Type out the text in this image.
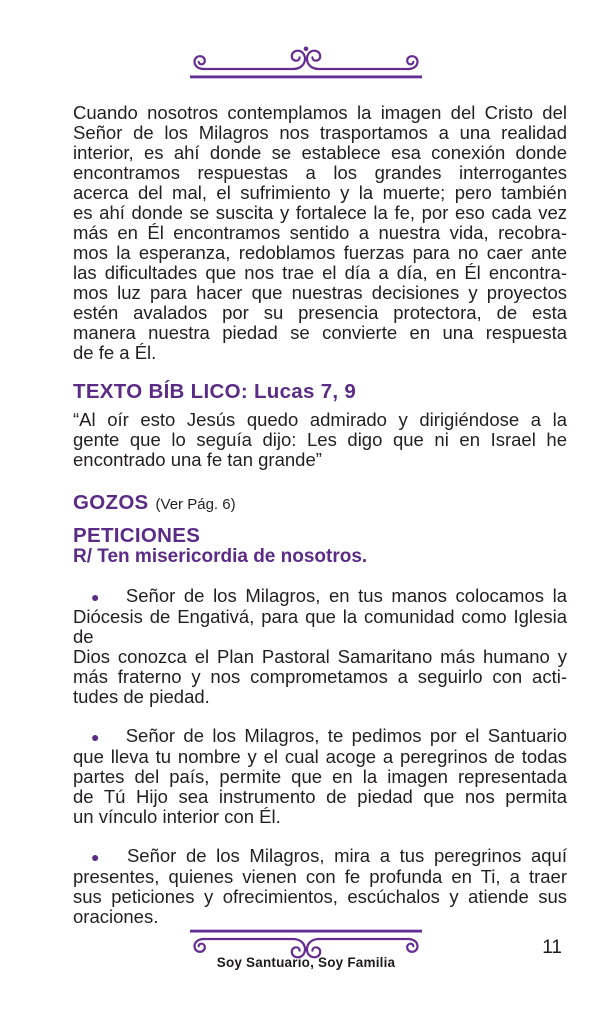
Cuando nosotros contemplamos la imagen del Cristo del
Señor de los Milagros nos trasportamos a una realidad
interior, es ahí donde se establece esa conexión donde
encontramos respuestas a los grandes interrogantes
acerca del mal, el sufrimiento y la muerte; pero también
es ahí donde se suscita y fortalece la fe, por eso cada vez
más en Él encontramos sentido a nuestra vida, recobra-
mos la esperanza, redoblamos fuerzas para no caer ante
las dificultades que nos trae el día a día, en Él encontra-
mos luz para hacer que nuestras decisiones y proyectos
estén avalados por su presencia protectora, de esta
manera nuestra piedad se convierte en una respuesta
de fe a Él.
TEXTO BÍB LICO: Lucas 7, 9
“Al oír esto Jesús quedo admirado y dirigiéndose a la
gente que lo seguía dijo: Les digo que ni en Israel he
encontrado una fe tan grande”
GOZOS (Ver Pág. 6)
PETICIONES
R/ Ten misericordia de nosotros.
● Señor de los Milagros, en tus manos colocamos la
Diócesis de Engativá, para que la comunidad como Iglesia de
Dios conozca el Plan Pastoral Samaritano más humano y
más fraterno y nos comprometamos a seguirlo con acti-
tudes de piedad.
● Señor de los Milagros, te pedimos por el Santuario
que lleva tu nombre y el cual acoge a peregrinos de todas
partes del país, permite que en la imagen representada
de Tú Hijo sea instrumento de piedad que nos permita
un vínculo interior con Él.
● Señor de los Milagros, mira a tus peregrinos aquí
presentes, quienes vienen con fe profunda en Ti, a traer
sus peticiones y ofrecimientos, escúchalos y atiende sus
oraciones.
Soy Santuario, Soy Familia
11
